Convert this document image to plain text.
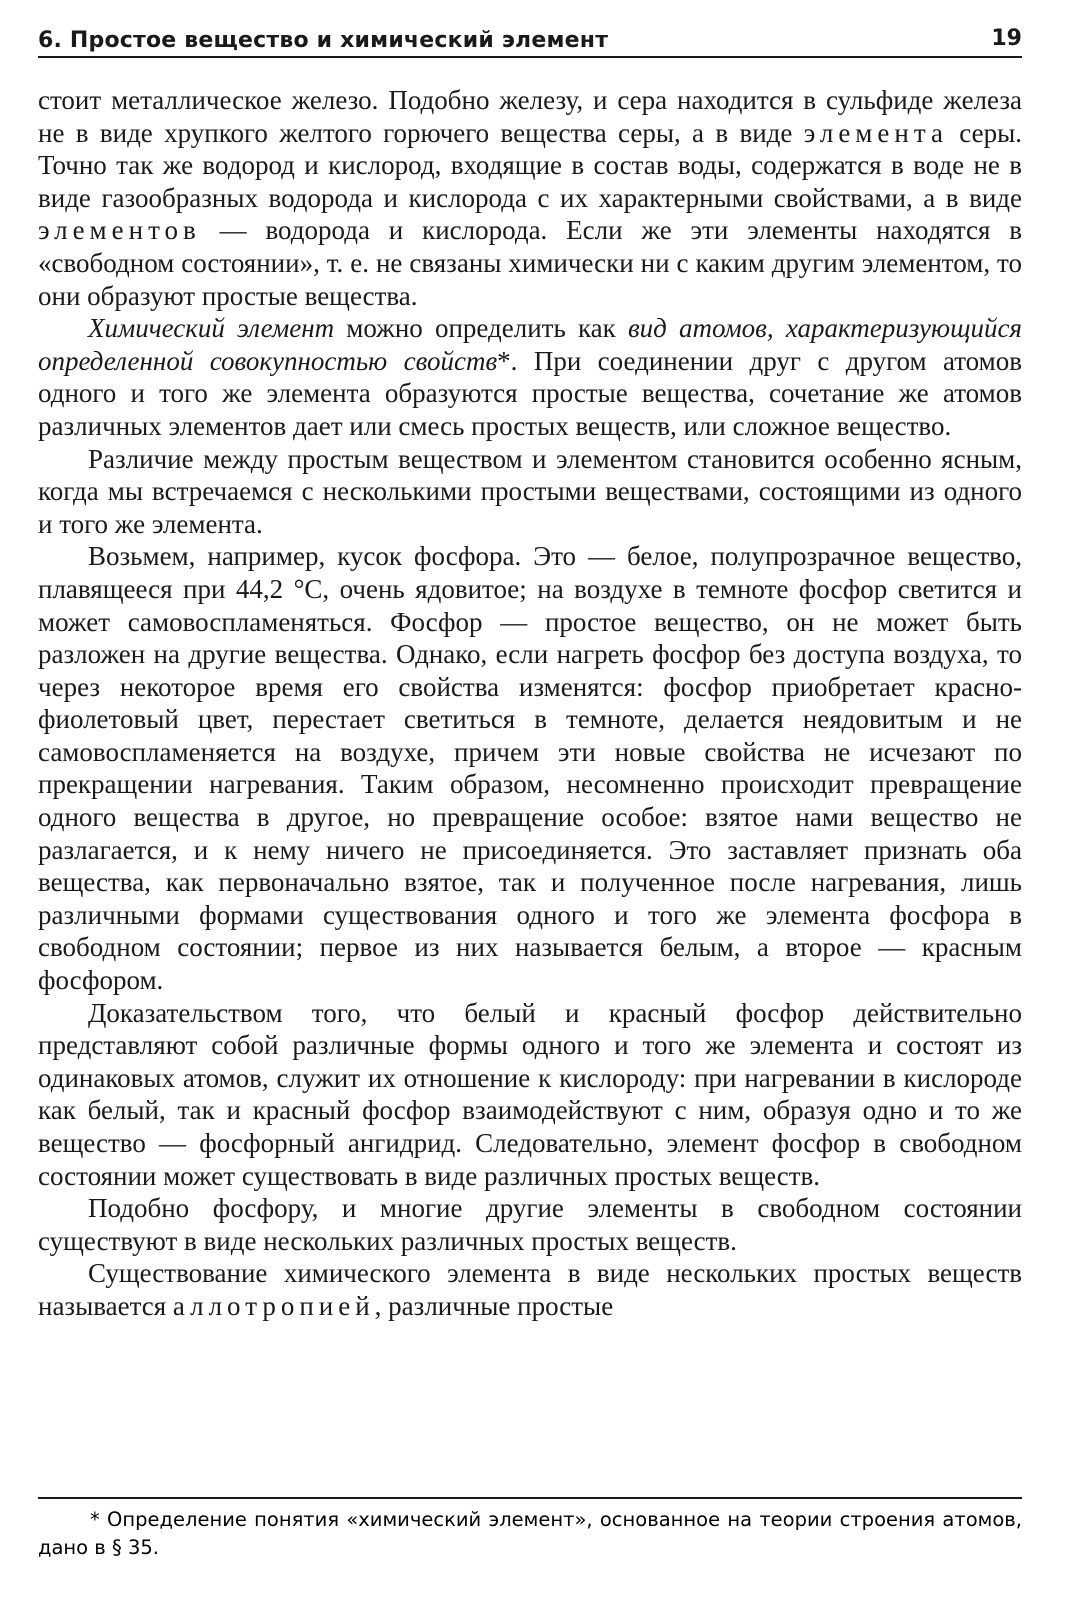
6. Простое вещество и химический элемент	19

стоит металлическое железо. Подобно железу, и сера находится в сульфиде железа не в виде хрупкого желтого горючего вещества серы, а в виде элемента серы. Точно так же водород и кислород, входящие в состав воды, содержатся в воде не в виде газообразных водорода и кислорода с их характерными свойствами, а в виде элементов — водорода и кислорода. Если же эти элементы находятся в «свободном состоянии», т. е. не связаны химически ни с каким другим элементом, то они образуют простые вещества.

Химический элемент можно определить как вид атомов, характеризующийся определенной совокупностью свойств*. При соединении друг с другом атомов одного и того же элемента образуются простые вещества, сочетание же атомов различных элементов дает или смесь простых веществ, или сложное вещество.

Различие между простым веществом и элементом становится особенно ясным, когда мы встречаемся с несколькими простыми веществами, состоящими из одного и того же элемента.

Возьмем, например, кусок фосфора. Это — белое, полупрозрачное вещество, плавящееся при 44,2 °С, очень ядовитое; на воздухе в темноте фосфор светится и может самовоспламеняться. Фосфор — простое вещество, он не может быть разложен на другие вещества. Однако, если нагреть фосфор без доступа воздуха, то через некоторое время его свойства изменятся: фосфор приобретает красно-фиолетовый цвет, перестает светиться в темноте, делается неядовитым и не самовоспламеняется на воздухе, причем эти новые свойства не исчезают по прекращении нагревания. Таким образом, несомненно происходит превращение одного вещества в другое, но превращение особое: взятое нами вещество не разлагается, и к нему ничего не присоединяется. Это заставляет признать оба вещества, как первоначально взятое, так и полученное после нагревания, лишь различными формами существования одного и того же элемента фосфора в свободном состоянии; первое из них называется белым, а второе — красным фосфором.

Доказательством того, что белый и красный фосфор действительно представляют собой различные формы одного и того же элемента и состоят из одинаковых атомов, служит их отношение к кислороду: при нагревании в кислороде как белый, так и красный фосфор взаимодействуют с ним, образуя одно и то же вещество — фосфорный ангидрид. Следовательно, элемент фосфор в свободном состоянии может существовать в виде различных простых веществ.

Подобно фосфору, и многие другие элементы в свободном состоянии существуют в виде нескольких различных простых веществ.

Существование химического элемента в виде нескольких простых веществ называется аллотропией, различные простые

* Определение понятия «химический элемент», основанное на теории строения атомов, дано в § 35.
